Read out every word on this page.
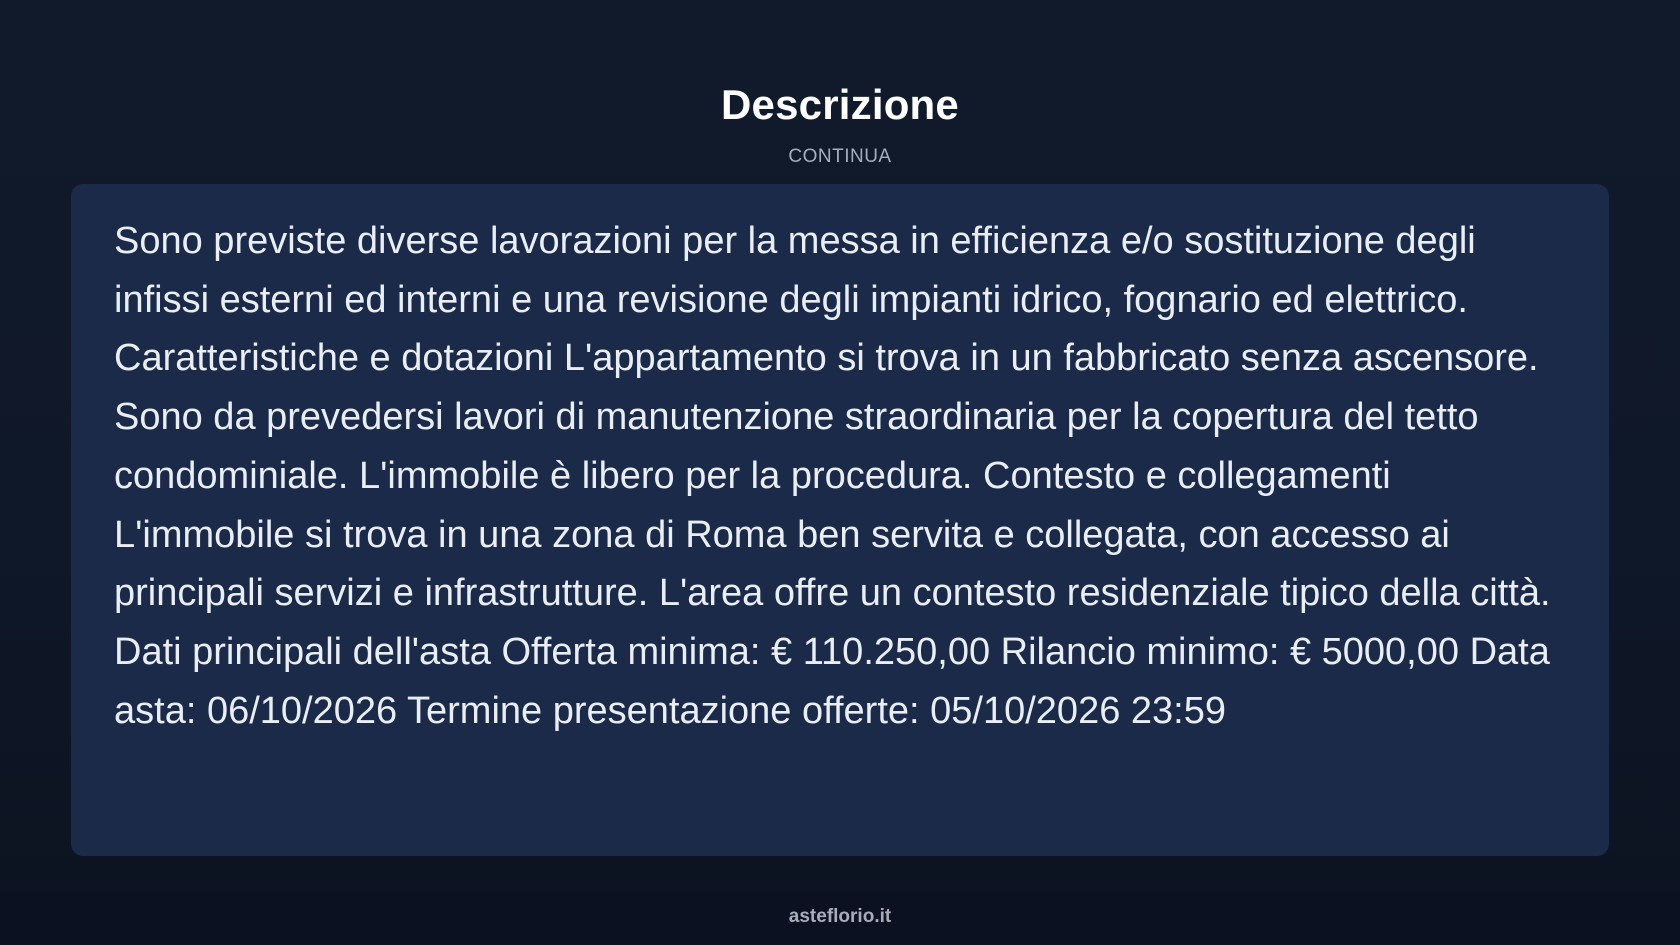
Descrizione
CONTINUA

Sono previste diverse lavorazioni per la messa in efficienza e/o sostituzione degli infissi esterni ed interni e una revisione degli impianti idrico, fognario ed elettrico. Caratteristiche e dotazioni L'appartamento si trova in un fabbricato senza ascensore. Sono da prevedersi lavori di manutenzione straordinaria per la copertura del tetto condominiale. L'immobile è libero per la procedura. Contesto e collegamenti L'immobile si trova in una zona di Roma ben servita e collegata, con accesso ai principali servizi e infrastrutture. L'area offre un contesto residenziale tipico della città. Dati principali dell'asta Offerta minima: € 110.250,00 Rilancio minimo: € 5000,00 Data asta: 06/10/2026 Termine presentazione offerte: 05/10/2026 23:59

asteflorio.it
